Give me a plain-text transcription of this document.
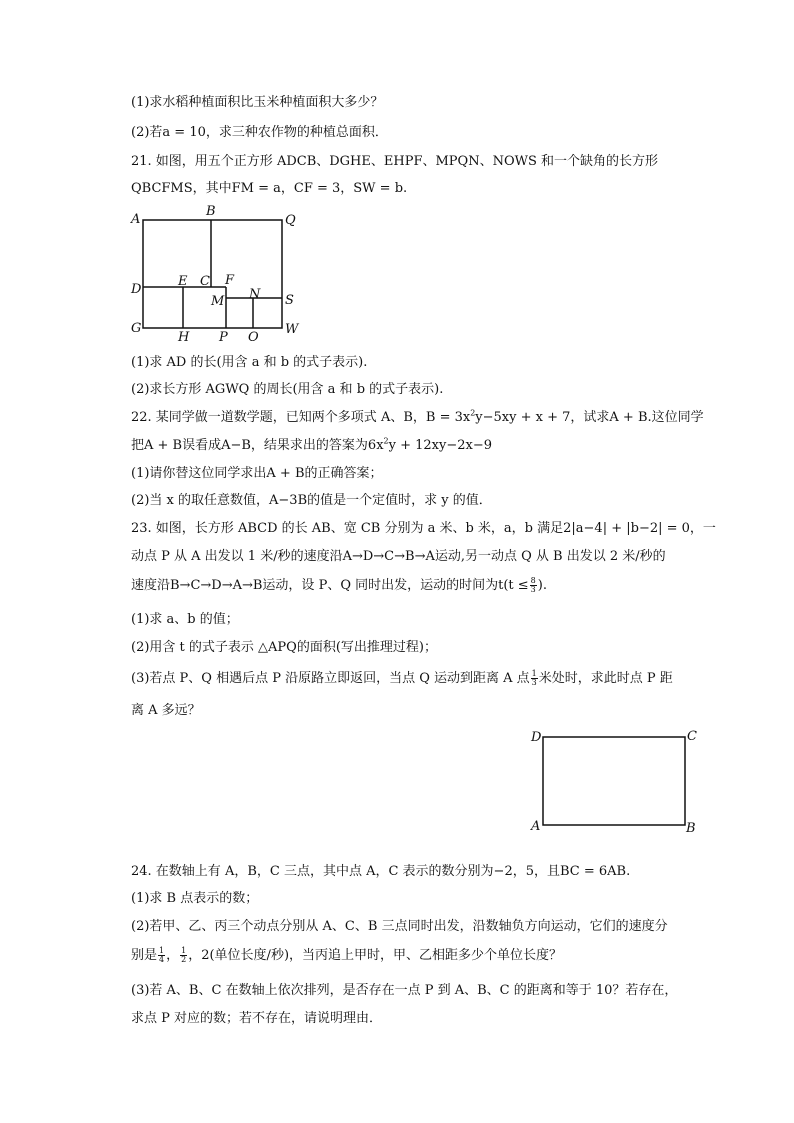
(1)求水稻种植面积比玉米种植面积大多少？
(2)若a = 10，求三种农作物的种植总面积．
21. 如图，用五个正方形 ADCB、DGHE、EHPF、MPQN、NOWS 和一个缺角的长方形
QBCFMS，其中FM = a，CF = 3，SW = b.
A
B
Q
E C F
D
M N S
G
H P O
W
(1)求 AD 的长(用含 a 和 b 的式子表示).
(2)求长方形 AGWQ 的周长(用含 a 和 b 的式子表示).
22. 某同学做一道数学题，已知两个多项式 A、B，$B = 3x^2y-5xy + x + 7$，试求A + B.这位同学
把A + B误看成A−B，结果求出的答案为$6x^2y + 12xy-2x-9$
(1)请你替这位同学求出A + B的正确答案；
(2)当 x 的取任意数值，A−3B的值是一个定值时，求 y 的值．
23. 如图，长方形 ABCD 的长 AB、宽 CB 分别为 a 米、b 米，a，b 满足2|a−4| + |b−2| = 0，一
动点 P 从 A 出发以 1 米/秒的速度沿A→D→C→B→A运动,另一动点 Q 从 B 出发以 2 米/秒的
速度沿B→C→D→A→B运动，设 P、Q 同时出发，运动的时间为$t(t \le \frac{8}{3}$ ).
(1)求 a、b 的值；
(2)用含 t 的式子表示 △APQ的面积(写出推理过程)；
(3)若点 P、Q 相遇后点 P 沿原路立即返回，当点 Q 运动到距离 A 点 $\frac{1}{3}$ 米处时，求此时点 P 距
离 A 多远？
D	C
A	B
24. 在数轴上有 A，B，C 三点，其中点 A，C 表示的数分别为−2，5，且BC = 6AB.
(1)求 B 点表示的数；
(2)若甲、乙、丙三个动点分别从 A、C、B 三点同时出发，沿数轴负方向运动，它们的速度分
别是 $\frac{1}{4}$ ， $\frac{1}{2}$ ，2(单位长度/秒)，当丙追上甲时，甲、乙相距多少个单位长度？
(3)若 A、B、C 在数轴上依次排列，是否存在一点 P 到 A、B、C 的距离和等于 10？若存在，
求点 P 对应的数；若不存在，请说明理由．
